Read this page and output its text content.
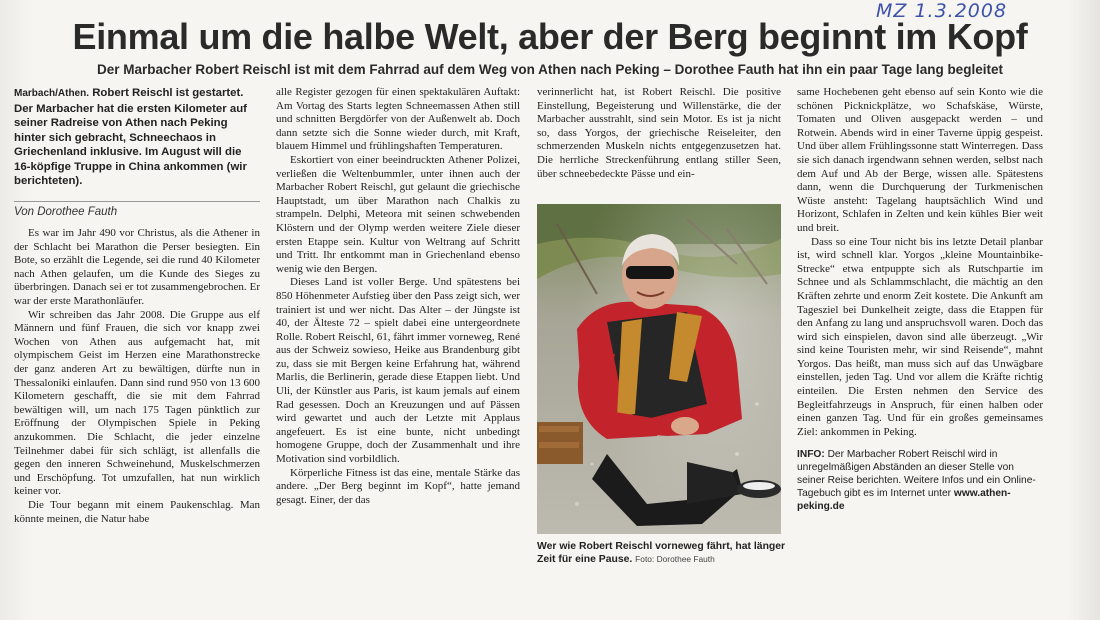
MZ 1.3.2008
Einmal um die halbe Welt, aber der Berg beginnt im Kopf
Der Marbacher Robert Reischl ist mit dem Fahrrad auf dem Weg von Athen nach Peking – Dorothee Fauth hat ihn ein paar Tage lang begleitet
Marbach/Athen. Robert Reischl ist gestartet. Der Marbacher hat die ersten Kilometer auf seiner Radreise von Athen nach Peking hinter sich gebracht, Schneechaos in Griechenland inklusive. Im August will die 16-köpfige Truppe in China ankommen (wir berichteten).
Von Dorothee Fauth

Es war im Jahr 490 vor Christus, als die Athener in der Schlacht bei Marathon die Perser besiegten. Ein Bote, so erzählt die Legende, sei die rund 40 Kilometer nach Athen gelaufen, um die Kunde des Sieges zu überbringen. Danach sei er tot zusammengebrochen. Er war der erste Marathonläufer.

Wir schreiben das Jahr 2008. Die Gruppe aus elf Männern und fünf Frauen, die sich vor knapp zwei Wochen von Athen aus aufgemacht hat, mit olympischem Geist im Herzen eine Marathonstrecke der ganz anderen Art zu bewältigen, dürfte nun in Thessaloniki einlaufen. Dann sind rund 950 von 13 600 Kilometern geschafft, die sie mit dem Fahrrad bewältigen will, um nach 175 Tagen pünktlich zur Eröffnung der Olympischen Spiele in Peking anzukommen. Die Schlacht, die jeder einzelne Teilnehmer dabei für sich schlägt, ist allenfalls die gegen den inneren Schweinehund, Muskelschmerzen und Erschöpfung. Tot umzufallen, hat nun wirklich keiner vor.

Die Tour begann mit einem Paukenschlag. Man könnte meinen, die Natur habe

alle Register gezogen für einen spektakulären Auftakt: Am Vortag des Starts legten Schneemassen Athen still und schnitten Bergdörfer von der Außenwelt ab. Doch dann setzte sich die Sonne wieder durch, mit Kraft, blauem Himmel und frühlingshaften Temperaturen.

Eskortiert von einer beeindruckten Athener Polizei, verließen die Weltenbummler, unter ihnen auch der Marbacher Robert Reischl, gut gelaunt die griechische Hauptstadt, um über Marathon nach Chalkis zu strampeln. Delphi, Meteora mit seinen schwebenden Klöstern und der Olymp werden weitere Ziele dieser ersten Etappe sein. Kultur von Weltrang auf Schritt und Tritt. Ihr entkommt man in Griechenland ebenso wenig wie den Bergen.

Dieses Land ist voller Berge. Und spätestens bei 850 Höhenmeter Aufstieg über den Pass zeigt sich, wer trainiert ist und wer nicht. Das Alter – der Jüngste ist 40, der Älteste 72 – spielt dabei eine untergeordnete Rolle. Robert Reischl, 61, fährt immer vorneweg, René aus der Schweiz sowieso, Heike aus Brandenburg gibt zu, dass sie mit Bergen keine Erfahrung hat, während Marlis, die Berlinerin, gerade diese Etappen liebt. Und Uli, der Künstler aus Paris, ist kaum jemals auf einem Rad gesessen. Doch an Kreuzungen und auf Pässen wird gewartet und auch der Letzte mit Applaus angefeuert. Es ist eine bunte, nicht unbedingt homogene Gruppe, doch der Zusammenhalt und ihre Motivation sind vorbildlich.

Körperliche Fitness ist das eine, mentale Stärke das andere. „Der Berg beginnt im Kopf“, hatte jemand gesagt. Einer, der das

verinnerlicht hat, ist Robert Reischl. Die positive Einstellung, Begeisterung und Willenstärke, die der Marbacher ausstrahlt, sind sein Motor. Es ist ja nicht so, dass Yorgos, der griechische Reiseleiter, den schmerzenden Muskeln nichts entgegenzusetzen hat. Die herrliche Streckenführung entlang stiller Seen, über schneebedeckte Pässe und ein-

Wer wie Robert Reischl vorneweg fährt, hat länger Zeit für eine Pause. Foto: Dorothee Fauth

same Hochebenen geht ebenso auf sein Konto wie die schönen Picknickplätze, wo Schafskäse, Würste, Tomaten und Oliven ausgepackt werden – und Rotwein. Abends wird in einer Taverne üppig gespeist. Und über allem Frühlingssonne statt Winterregen. Dass sie sich danach irgendwann sehnen werden, selbst nach dem Auf und Ab der Berge, wissen alle. Spätestens dann, wenn die Durchquerung der Turkmenischen Wüste ansteht: Tagelang hauptsächlich Wind und Horizont, Schlafen in Zelten und kein kühles Bier weit und breit.

Dass so eine Tour nicht bis ins letzte Detail planbar ist, wird schnell klar. Yorgos „kleine Mountainbike-Strecke“ etwa entpuppte sich als Rutschpartie im Schnee und als Schlammschlacht, die mächtig an den Kräften zehrte und enorm Zeit kostete. Die Ankunft am Tagesziel bei Dunkelheit zeigte, dass die Etappen für den Anfang zu lang und anspruchsvoll waren. Doch das wird sich einspielen, davon sind alle überzeugt. „Wir sind keine Touristen mehr, wir sind Reisende“, mahnt Yorgos. Das heißt, man muss sich auf das Unwägbare einstellen, jeden Tag. Und vor allem die Kräfte richtig einteilen. Die Ersten nehmen den Service des Begleitfahrzeugs in Anspruch, für einen halben oder einen ganzen Tag. Und für ein großes gemeinsames Ziel: ankommen in Peking.

INFO: Der Marbacher Robert Reischl wird in unregelmäßigen Abständen an dieser Stelle von seiner Reise berichten. Weitere Infos und ein Online-Tagebuch gibt es im Internet unter www.athen-peking.de
